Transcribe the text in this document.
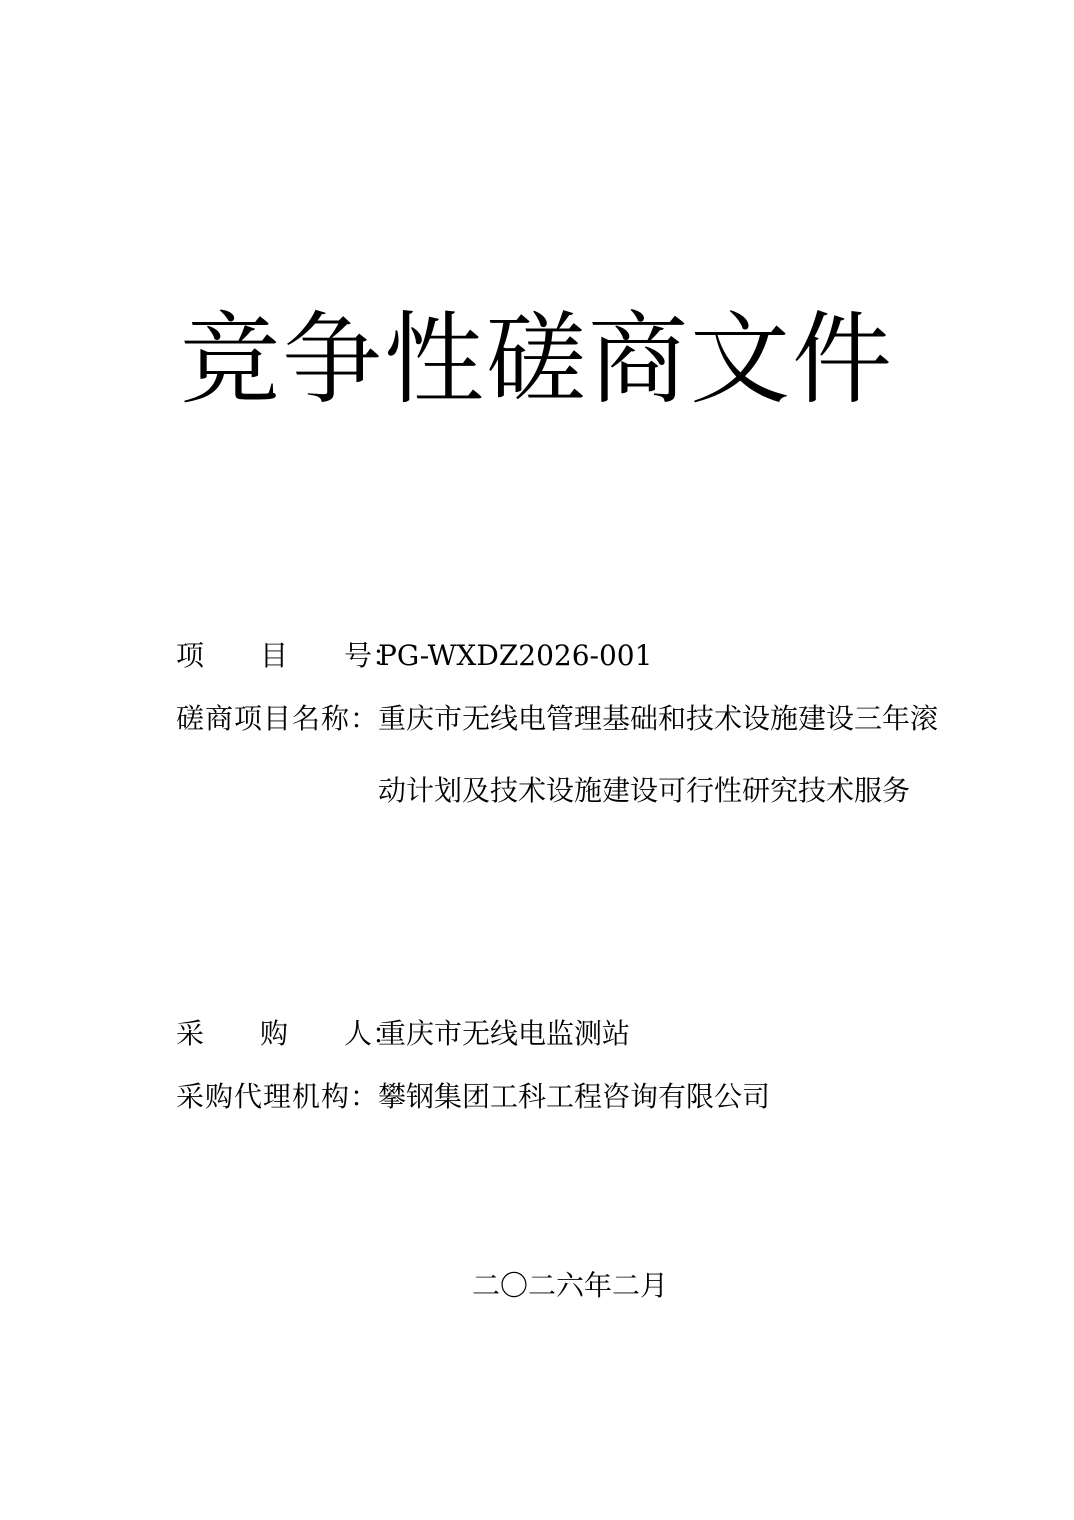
竞争性磋商文件
项　　目　　号：PG-WXDZ2026-001
磋商项目名称： 重庆市无线电管理基础和技术设施建设三年滚
动计划及技术设施建设可行性研究技术服务
采　　购　　人：重庆市无线电监测站
采购代理机构：攀钢集团工科工程咨询有限公司
二〇二六年二月
